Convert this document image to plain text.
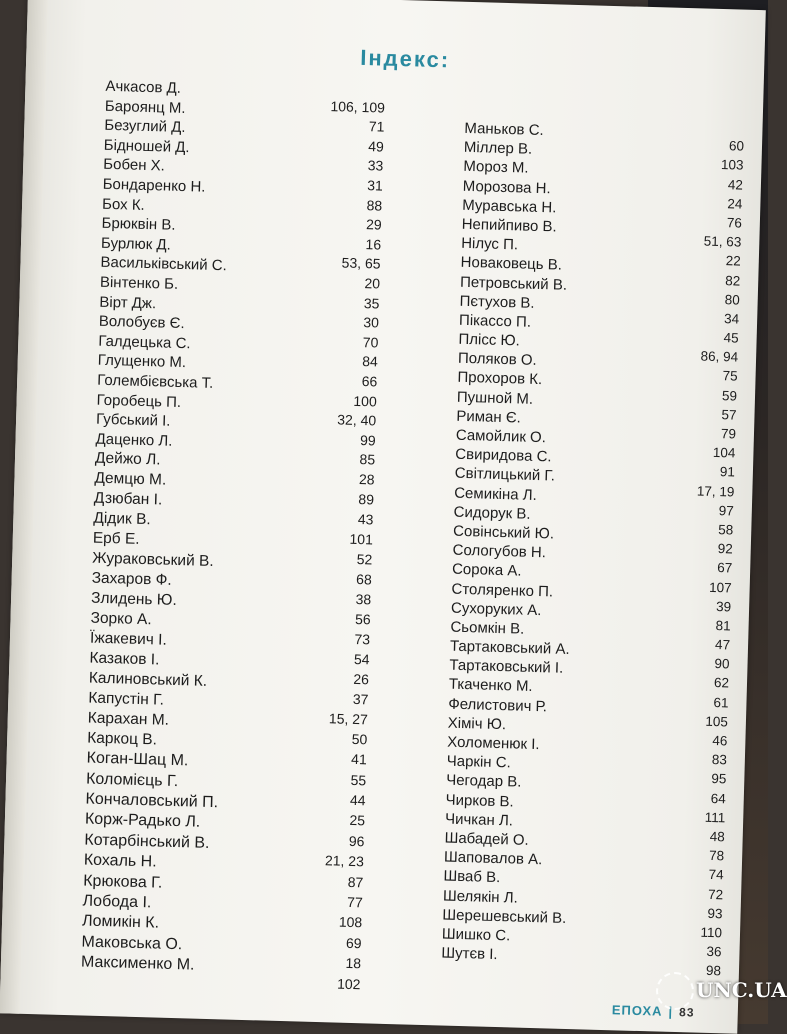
Індекс:
Ачкасов Д.
Бароянц М.	106, 109
Безуглий Д.	71
Бідношей Д.	49
Бобен Х.	33
Бондаренко Н.	31
Бох К.	88
Брюквін В.	29
Бурлюк Д.	16
Васильківський С.	53, 65
Вінтенко Б.	20
Вірт Дж.	35
Волобуєв Є.	30
Галдецька С.	70
Глущенко М.	84
Голембієвська Т.	66
Горобець П.	100
Губський І.	32, 40
Даценко Л.	99
Дейжо Л.	85
Демцю М.	28
Дзюбан І.	89
Дідик В.	43
Ерб Е.	101
Жураковський В.	52
Захаров Ф.	68
Злидень Ю.	38
Зорко А.	56
Їжакевич І.	73
Казаков І.	54
Калиновський К.	26
Капустін Г.	37
Карахан М.	15, 27
Каркоц В.	50
Коган-Шац М.	41
Коломієць Г.	55
Кончаловський П.	44
Корж-Радько Л.	25
Котарбінський В.	96
Кохаль Н.	21, 23
Крюкова Г.	87
Лобода І.	77
Ломикін К.	108
Маковська О.	69
Максименко М.	18
102
Маньков С.
Міллер В.	60
Мороз М.	103
Морозова Н.	42
Муравська Н.	24
Непийпиво В.	76
Нілус П.	51, 63
Новаковець В.	22
Петровський В.	82
Пєтухов В.	80
Пікассо П.	34
Плісс Ю.	45
Поляков О.	86, 94
Прохоров К.	75
Пушной М.	59
Риман Є.	57
Самойлик О.	79
Свиридова С.	104
Світлицький Г.	91
Семикіна Л.	17, 19
Сидорук В.	97
Совінський Ю.	58
Сологубов Н.	92
Сорока А.	67
Столяренко П.	107
Сухоруких А.	39
Сьомкін В.	81
Тартаковський А.	47
Тартаковський І.	90
Ткаченко М.	62
Фелистович Р.	61
Хіміч Ю.	105
Холоменюк І.	46
Чаркін С.	83
Чегодар В.	95
Чирков В.	64
Чичкан Л.	111
Шабадей О.	48
Шаповалов А.	78
Шваб В.	74
Шелякін Л.	72
Шерешевський В.	93
Шишко С.	110
Шутєв І.	36
98
ЕПОХА | 83
UNC.UA
